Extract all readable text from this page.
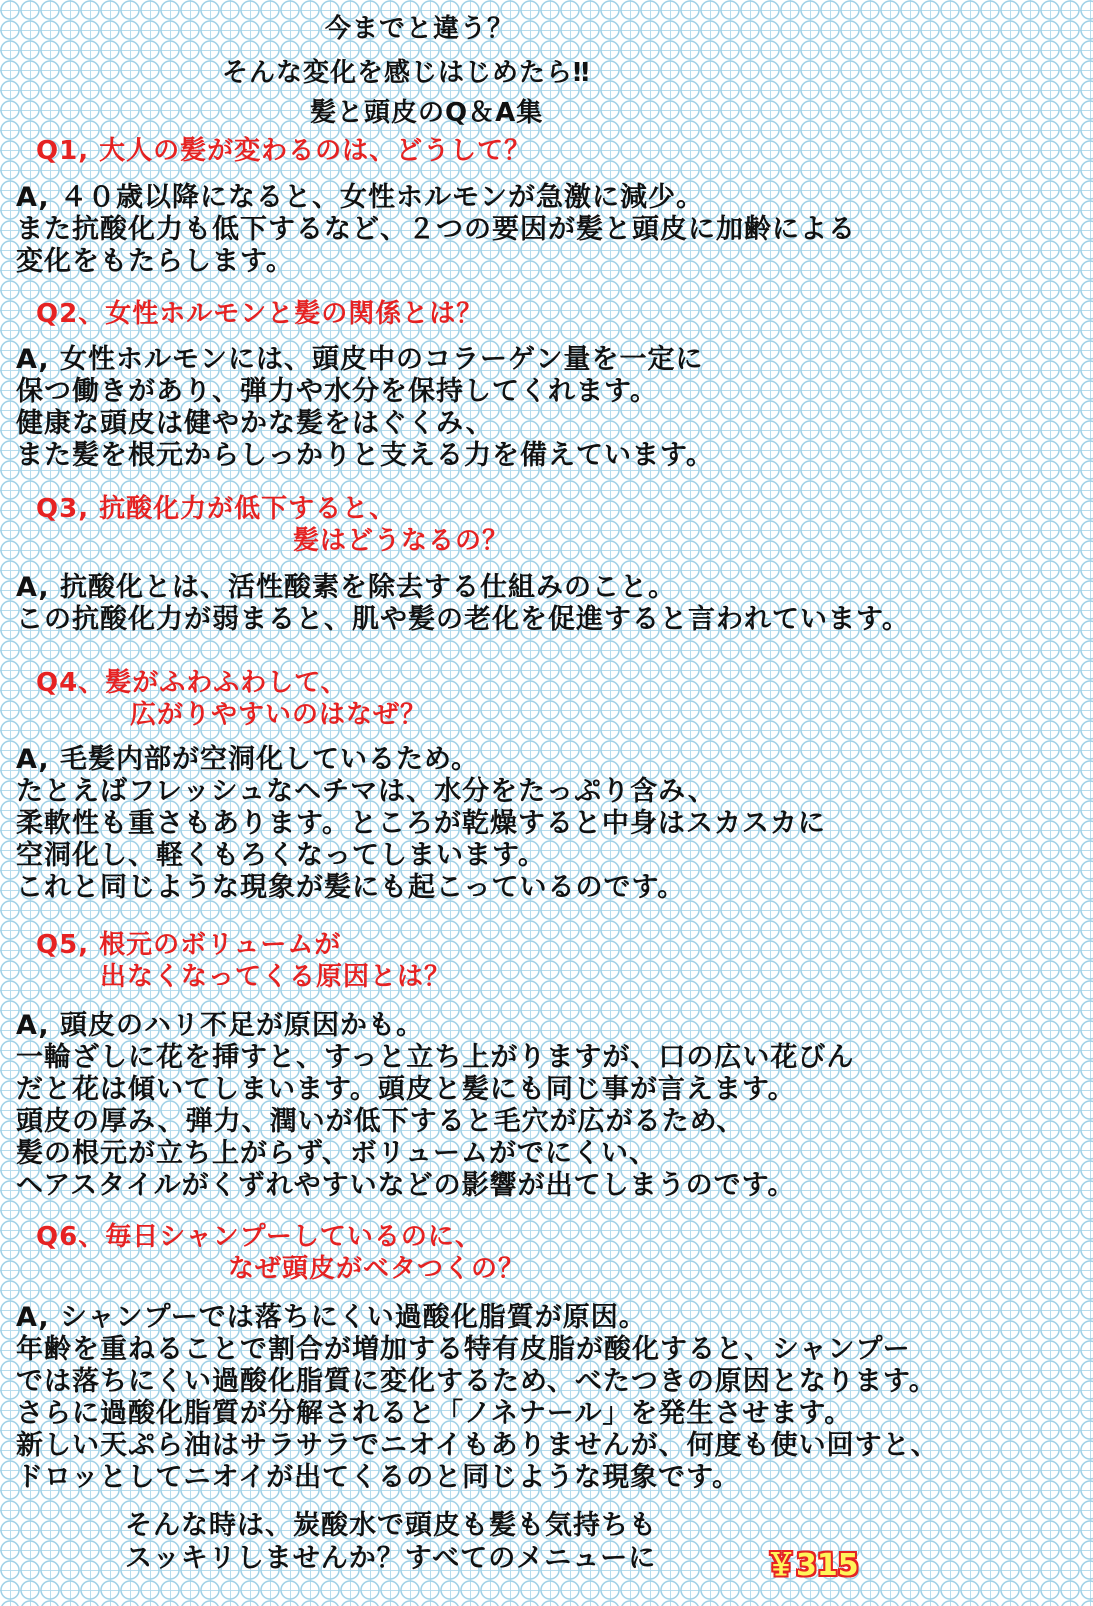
今までと違う？
そんな変化を感じはじめたら‼
髪と頭皮のQ＆A集
Q1, 大人の髪が変わるのは、どうして？
A, ４０歳以降になると、女性ホルモンが急激に減少。
また抗酸化力も低下するなど、２つの要因が髪と頭皮に加齢による
変化をもたらします。
Q2、女性ホルモンと髪の関係とは？
A, 女性ホルモンには、頭皮中のコラーゲン量を一定に
保つ働きがあり、弾力や水分を保持してくれます。
健康な頭皮は健やかな髪をはぐくみ、
また髪を根元からしっかりと支える力を備えています。
Q3, 抗酸化力が低下すると、
髪はどうなるの？
A, 抗酸化とは、活性酸素を除去する仕組みのこと。
この抗酸化力が弱まると、肌や髪の老化を促進すると言われています。
Q4、髪がふわふわして、
広がりやすいのはなぜ？
A, 毛髪内部が空洞化しているため。
たとえばフレッシュなヘチマは、水分をたっぷり含み、
柔軟性も重さもあります。ところが乾燥すると中身はスカスカに
空洞化し、軽くもろくなってしまいます。
これと同じような現象が髪にも起こっているのです。
Q5, 根元のボリュームが
出なくなってくる原因とは？
A, 頭皮のハリ不足が原因かも。
一輪ざしに花を挿すと、すっと立ち上がりますが、口の広い花びん
だと花は傾いてしまいます。頭皮と髪にも同じ事が言えます。
頭皮の厚み、弾力、潤いが低下すると毛穴が広がるため、
髪の根元が立ち上がらず、ボリュームがでにくい、
ヘアスタイルがくずれやすいなどの影響が出てしまうのです。
Q6、毎日シャンプーしているのに、
なぜ頭皮がベタつくの？
A, シャンプーでは落ちにくい過酸化脂質が原因。
年齢を重ねることで割合が増加する特有皮脂が酸化すると、シャンプー
では落ちにくい過酸化脂質に変化するため、べたつきの原因となります。
さらに過酸化脂質が分解されると「ノネナール」を発生させます。
新しい天ぷら油はサラサラでニオイもありませんが、何度も使い回すと、
ドロッとしてニオイが出てくるのと同じような現象です。
そんな時は、炭酸水で頭皮も髪も気持ちも
スッキリしませんか？すべてのメニューに	￥315
